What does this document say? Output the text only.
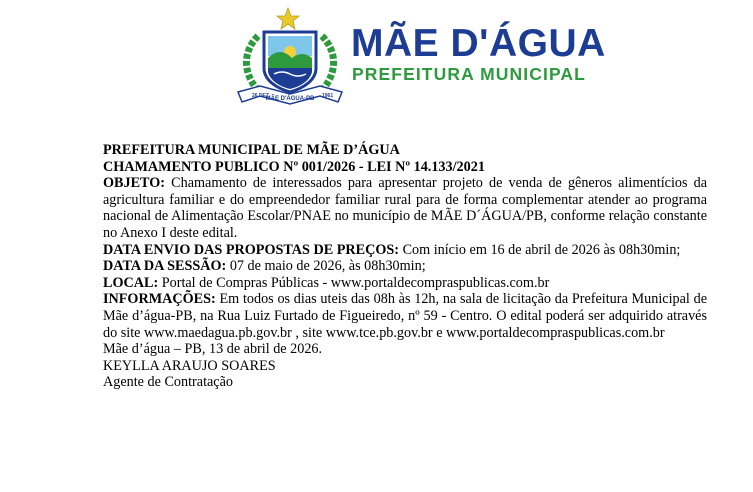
26 DEZ
MÃE D'ÁGUA-PB 1961
MÃE D'ÁGUA
PREFEITURA MUNICIPAL

PREFEITURA MUNICIPAL DE MÃE D’ÁGUA

CHAMAMENTO PUBLICO Nº 001/2026 - LEI Nº 14.133/2021

OBJETO: Chamamento de interessados para apresentar projeto de venda de gêneros alimentícios da agricultura familiar e do empreendedor familiar rural para de forma complementar atender ao programa nacional de Alimentação Escolar/PNAE no município de MÃE D´ÁGUA/PB, conforme relação constante no Anexo I deste edital.

DATA ENVIO DAS PROPOSTAS DE PREÇOS: Com início em 16 de abril de 2026 às 08h30min;

DATA DA SESSÃO: 07 de maio de 2026, às 08h30min;

LOCAL: Portal de Compras Públicas - www.portaldecompraspublicas.com.br

INFORMAÇÕES: Em todos os dias uteis das 08h às 12h, na sala de licitação da Prefeitura Municipal de Mãe d’água-PB, na Rua Luiz Furtado de Figueiredo, nº 59 - Centro. O edital poderá ser adquirido através do site www.maedagua.pb.gov.br , site www.tce.pb.gov.br e www.portaldecompraspublicas.com.br

Mãe d’água – PB, 13 de abril de 2026.

KEYLLA ARAUJO SOARES

Agente de Contratação
